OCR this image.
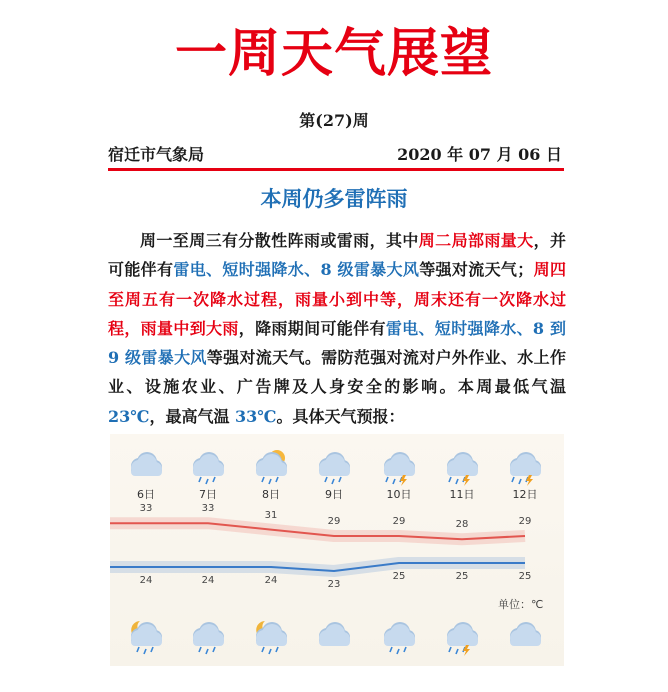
一周天气展望
第(27)周
宿迁市气象局	2020 年 07 月 06 日
本周仍多雷阵雨
周一至周三有分散性阵雨或雷雨，其中周二局部雨量大，并可能伴有雷电、短时强降水、8 级雷暴大风等强对流天气；周四至周五有一次降水过程，雨量小到中等，周末还有一次降水过程，雨量中到大雨，降雨期间可能伴有雷电、短时强降水、8 到 9 级雷暴大风等强对流天气。需防范强对流对户外作业、水上作业、设施农业、广告牌及人身安全的影响。本周最低气温 23℃，最高气温 33℃。具体天气预报：
单位：℃
6日
33
24
7日
33
24
8日
31
24
9日
29
23
10日
29
25
11日
28
25
12日
29
25
